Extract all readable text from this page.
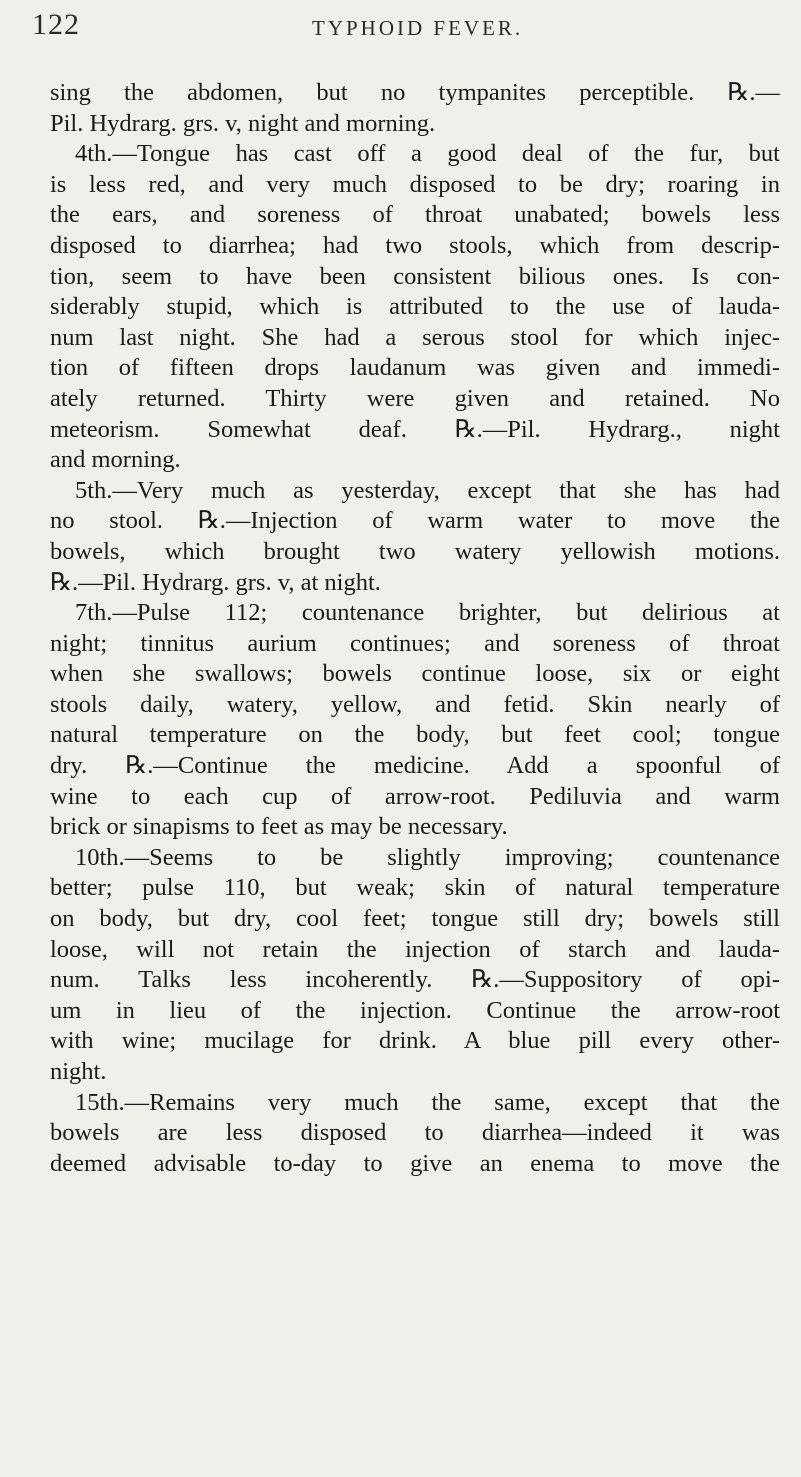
122	TYPHOID FEVER.
sing the abdomen, but no tympanites perceptible. ℞.—
Pil. Hydrarg. grs. v, night and morning.
4th.—Tongue has cast off a good deal of the fur, but
is less red, and very much disposed to be dry; roaring in
the ears, and soreness of throat unabated; bowels less
disposed to diarrhea; had two stools, which from descrip-
tion, seem to have been consistent bilious ones. Is con-
siderably stupid, which is attributed to the use of lauda-
num last night. She had a serous stool for which injec-
tion of fifteen drops laudanum was given and immedi-
ately returned. Thirty were given and retained. No
meteorism. Somewhat deaf. ℞.—Pil. Hydrarg., night
and morning.
5th.—Very much as yesterday, except that she has had
no stool. ℞.—Injection of warm water to move the
bowels, which brought two watery yellowish motions.
℞.—Pil. Hydrarg. grs. v, at night.
7th.—Pulse 112; countenance brighter, but delirious at
night; tinnitus aurium continues; and soreness of throat
when she swallows; bowels continue loose, six or eight
stools daily, watery, yellow, and fetid. Skin nearly of
natural temperature on the body, but feet cool; tongue
dry. ℞.—Continue the medicine. Add a spoonful of
wine to each cup of arrow-root. Pediluvia and warm
brick or sinapisms to feet as may be necessary.
10th.—Seems to be slightly improving; countenance
better; pulse 110, but weak; skin of natural temperature
on body, but dry, cool feet; tongue still dry; bowels still
loose, will not retain the injection of starch and lauda-
num. Talks less incoherently. ℞.—Suppository of opi-
um in lieu of the injection. Continue the arrow-root
with wine; mucilage for drink. A blue pill every other-
night.
15th.—Remains very much the same, except that the
bowels are less disposed to diarrhea—indeed it was
deemed advisable to-day to give an enema to move the
